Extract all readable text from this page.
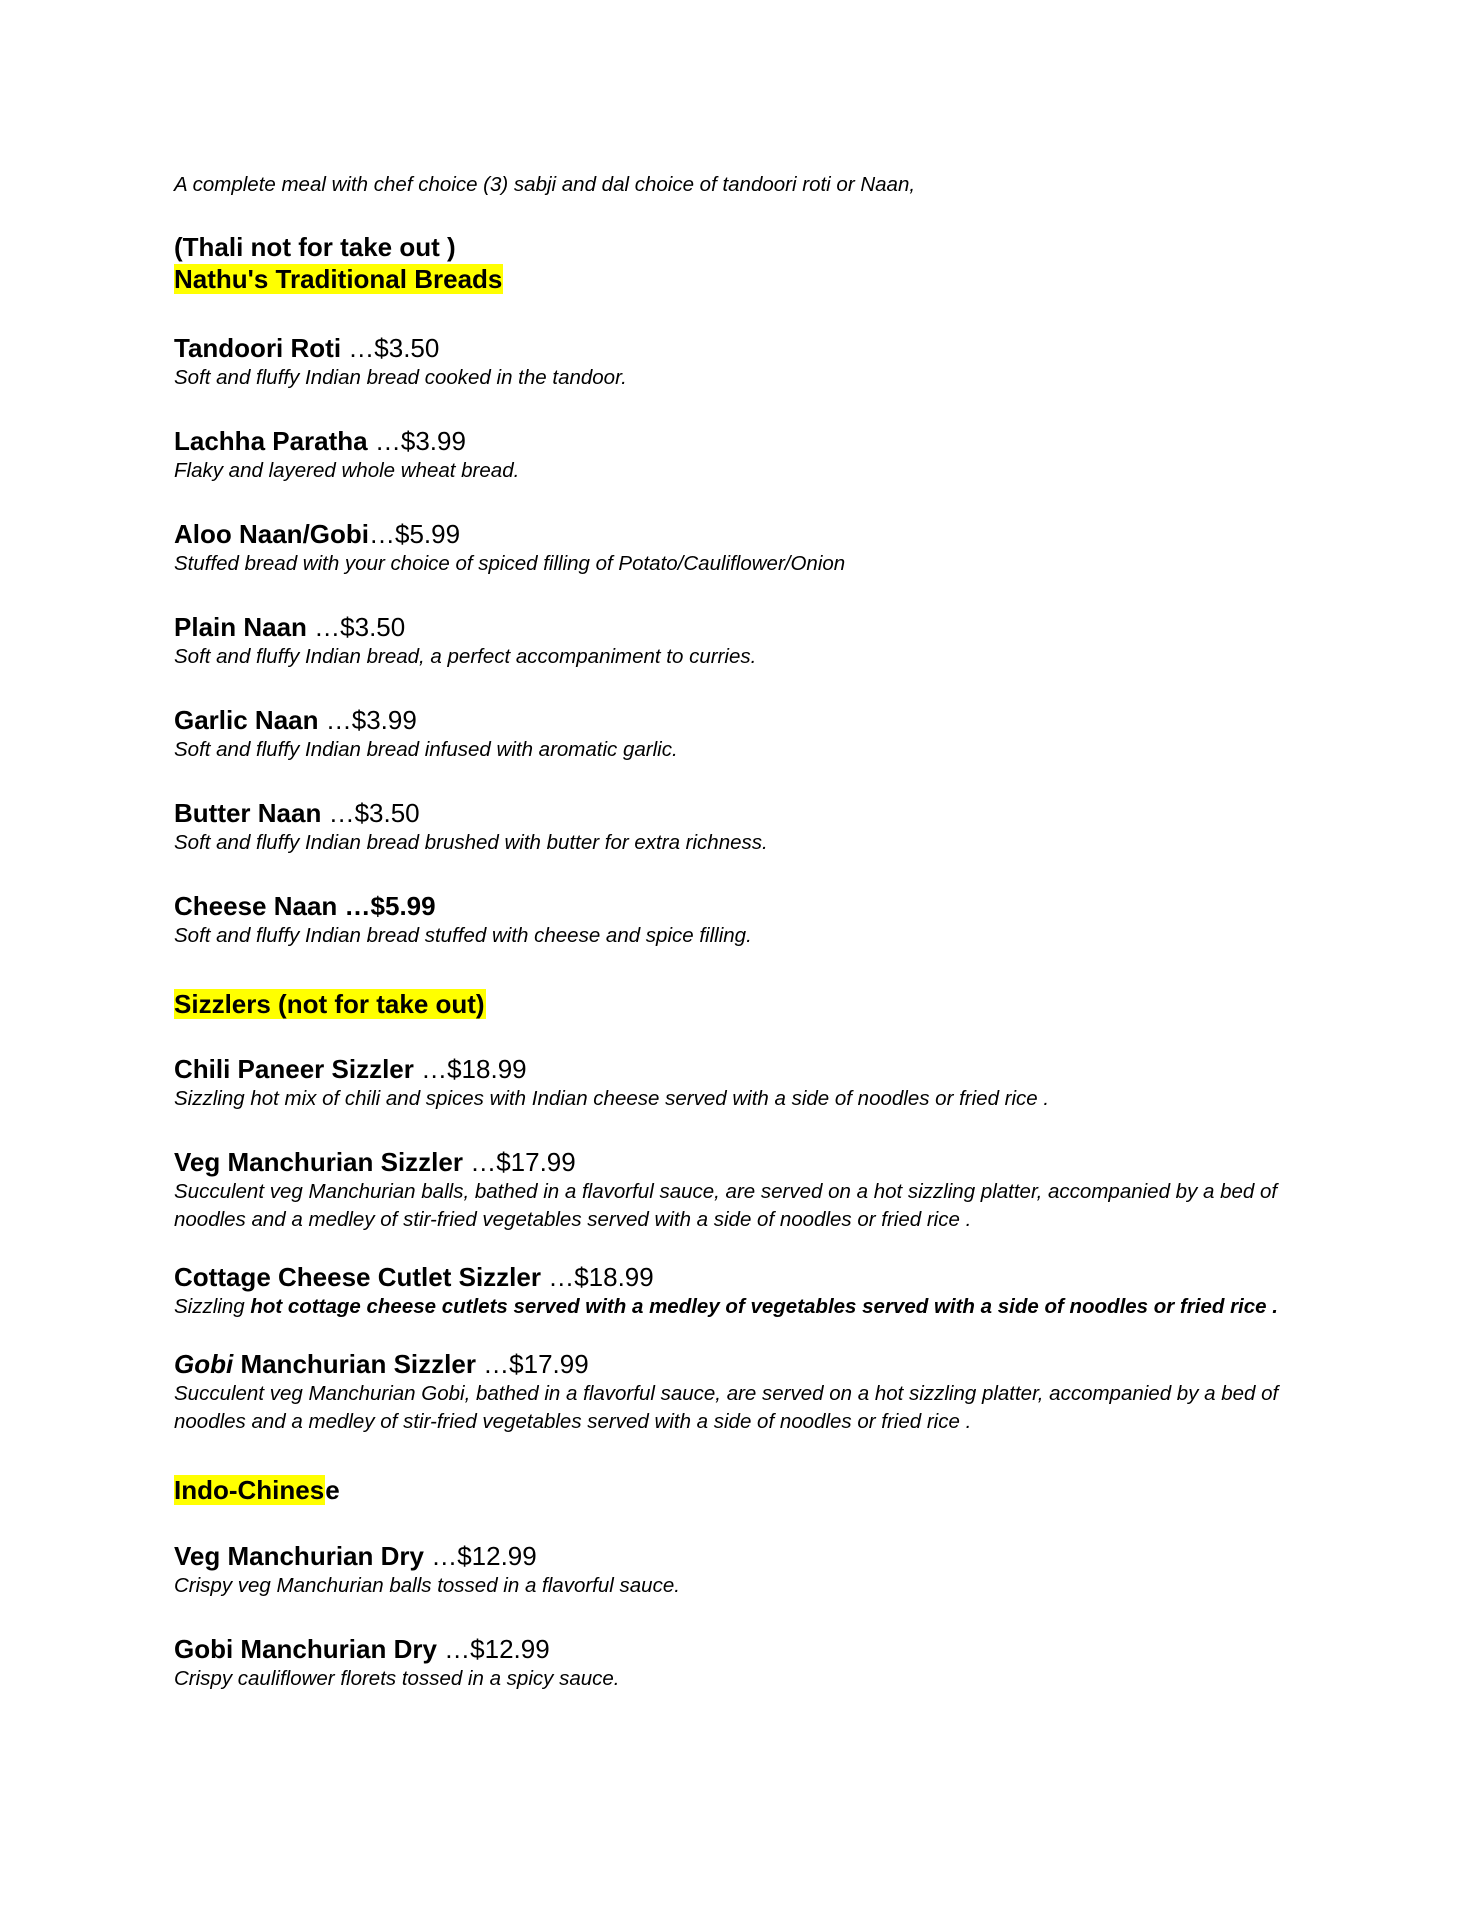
A complete meal with chef choice (3) sabji and dal choice of tandoori roti or Naan,

(Thali not for take out )

Nathu's Traditional Breads

Tandoori Roti …$3.50

Soft and fluffy Indian bread cooked in the tandoor.

Lachha Paratha …$3.99

Flaky and layered whole wheat bread.

Aloo Naan/Gobi…$5.99

Stuffed bread with your choice of spiced filling of Potato/Cauliflower/Onion

Plain Naan …$3.50

Soft and fluffy Indian bread, a perfect accompaniment to curries.

Garlic Naan …$3.99

Soft and fluffy Indian bread infused with aromatic garlic.

Butter Naan …$3.50

Soft and fluffy Indian bread brushed with butter for extra richness.

Cheese Naan …$5.99

Soft and fluffy Indian bread stuffed with cheese and spice filling.

Sizzlers (not for take out)

Chili Paneer Sizzler …$18.99

Sizzling hot mix of chili and spices with Indian cheese served with a side of noodles or fried rice .

Veg Manchurian Sizzler …$17.99

Succulent veg Manchurian balls, bathed in a flavorful sauce, are served on a hot sizzling platter, accompanied by a bed of noodles and a medley of stir-fried vegetables served with a side of noodles or fried rice .

Cottage Cheese Cutlet Sizzler …$18.99

Sizzling hot cottage cheese cutlets served with a medley of vegetables served with a side of noodles or fried rice .

Gobi Manchurian Sizzler …$17.99

Succulent veg Manchurian Gobi, bathed in a flavorful sauce, are served on a hot sizzling platter, accompanied by a bed of noodles and a medley of stir-fried vegetables served with a side of noodles or fried rice .

Indo-Chinese

Veg Manchurian Dry …$12.99

Crispy veg Manchurian balls tossed in a flavorful sauce.

Gobi Manchurian Dry …$12.99

Crispy cauliflower florets tossed in a spicy sauce.
